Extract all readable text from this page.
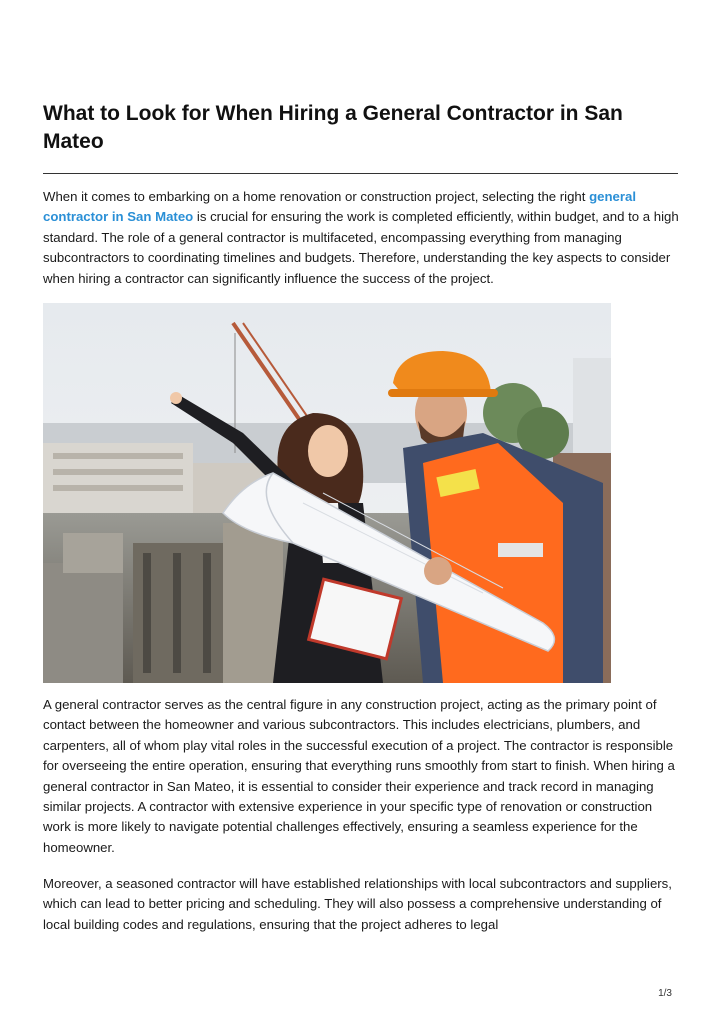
What to Look for When Hiring a General Contractor in San Mateo

When it comes to embarking on a home renovation or construction project, selecting the right general contractor in San Mateo is crucial for ensuring the work is completed efficiently, within budget, and to a high standard. The role of a general contractor is multifaceted, encompassing everything from managing subcontractors to coordinating timelines and budgets. Therefore, understanding the key aspects to consider when hiring a contractor can significantly influence the success of the project.

A general contractor serves as the central figure in any construction project, acting as the primary point of contact between the homeowner and various subcontractors. This includes electricians, plumbers, and carpenters, all of whom play vital roles in the successful execution of a project. The contractor is responsible for overseeing the entire operation, ensuring that everything runs smoothly from start to finish. When hiring a general contractor in San Mateo, it is essential to consider their experience and track record in managing similar projects. A contractor with extensive experience in your specific type of renovation or construction work is more likely to navigate potential challenges effectively, ensuring a seamless experience for the homeowner.

Moreover, a seasoned contractor will have established relationships with local subcontractors and suppliers, which can lead to better pricing and scheduling. They will also possess a comprehensive understanding of local building codes and regulations, ensuring that the project adheres to legal

1/3
